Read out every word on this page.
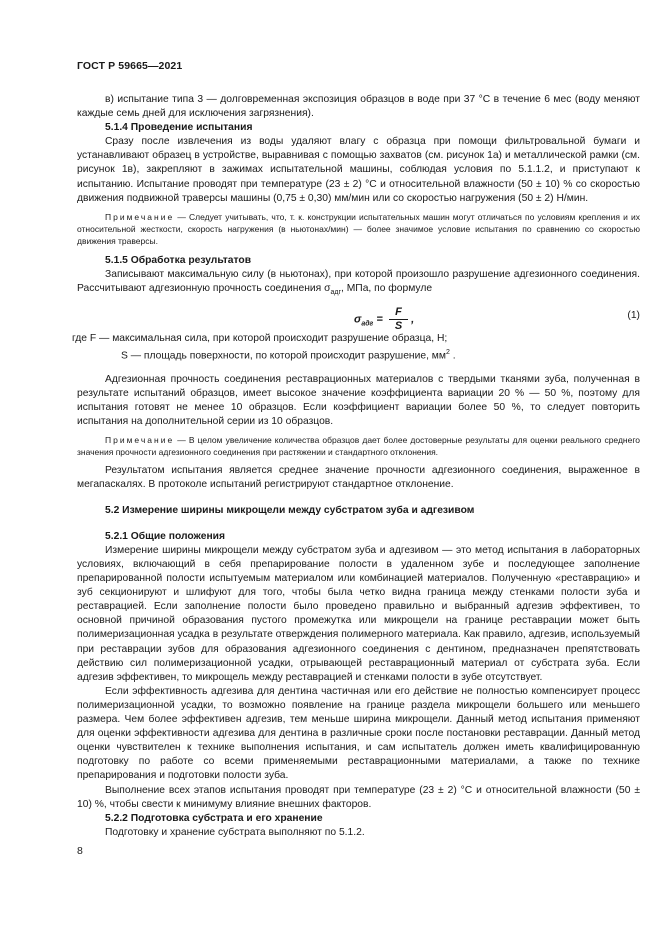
ГОСТ Р 59665—2021

в) испытание типа 3 — долговременная экспозиция образцов в воде при 37 °С в течение 6 мес (воду меняют каждые семь дней для исключения загрязнения).

5.1.4 Проведение испытания

Сразу после извлечения из воды удаляют влагу с образца при помощи фильтровальной бумаги и устанавливают образец в устройстве, выравнивая с помощью захватов (см. рисунок 1а) и металлической рамки (см. рисунок 1в), закрепляют в зажимах испытательной машины, соблюдая условия по 5.1.1.2, и приступают к испытанию. Испытание проводят при температуре (23 ± 2) °С и относительной влажности (50 ± 10) % со скоростью движения подвижной траверсы машины (0,75 ± 0,30) мм/мин или со скоростью нагружения (50 ± 2) Н/мин.

Примечание — Следует учитывать, что, т. к. конструкции испытательных машин могут отличаться по условиям крепления и их относительной жесткости, скорость нагружения (в ньютонах/мин) — более значимое условие испытания по сравнению со скоростью движения траверсы.
5.1.5 Обработка результатов

Записывают максимальную силу (в ньютонах), при которой произошло разрушение адгезионного соединения. Рассчитывают адгезионную прочность соединения $\sigma_{адг}$, МПа, по формуле

$\sigma_{адг} = \frac{F}{S}$ ,	(1)
где F — максимальная сила, при которой происходит разрушение образца, Н;
S — площадь поверхности, по которой происходит разрушение, $мм^2$ .

Адгезионная прочность соединения реставрационных материалов с твердыми тканями зуба, полученная в результате испытаний образцов, имеет высокое значение коэффициента вариации 20 % — 50 %, поэтому для испытания готовят не менее 10 образцов. Если коэффициент вариации более 50 %, то следует повторить испытания на дополнительной серии из 10 образцов.

Примечание — В целом увеличение количества образцов дает более достоверные результаты для оценки реального среднего значения прочности адгезионного соединения при растяжении и стандартного отклонения.

Результатом испытания является среднее значение прочности адгезионного соединения, выраженное в мегапаскалях. В протоколе испытаний регистрируют стандартное отклонение.

5.2 Измерение ширины микрощели между субстратом зуба и адгезивом
5.2.1 Общие положения

Измерение ширины микрощели между субстратом зуба и адгезивом — это метод испытания в лабораторных условиях, включающий в себя препарирование полости в удаленном зубе и последующее заполнение препарированной полости испытуемым материалом или комбинацией материалов. Полученную «реставрацию» и зуб секционируют и шлифуют для того, чтобы была четко видна граница между стенками полости зуба и реставрацией. Если заполнение полости было проведено правильно и выбранный адгезив эффективен, то основной причиной образования пустого промежутка или микрощели на границе реставрации может быть полимеризационная усадка в результате отверждения полимерного материала. Как правило, адгезив, используемый при реставрации зубов для образования адгезионного соединения с дентином, предназначен препятствовать действию сил полимеризационной усадки, отрывающей реставрационный материал от субстрата зуба. Если адгезив эффективен, то микрощель между реставрацией и стенками полости в зубе отсутствует.

Если эффективность адгезива для дентина частичная или его действие не полностью компенсирует процесс полимеризационной усадки, то возможно появление на границе раздела микрощели большего или меньшего размера. Чем более эффективен адгезив, тем меньше ширина микрощели. Данный метод испытания применяют для оценки эффективности адгезива для дентина в различные сроки после постановки реставрации. Данный метод оценки чувствителен к технике выполнения испытания, и сам испытатель должен иметь квалифицированную подготовку по работе со всеми применяемыми реставрационными материалами, а также по технике препарирования и подготовки полости зуба.

Выполнение всех этапов испытания проводят при температуре (23 ± 2) °С и относительной влажности (50 ± 10) %, чтобы свести к минимуму влияние внешних факторов.

5.2.2 Подготовка субстрата и его хранение

Подготовку и хранение субстрата выполняют по 5.1.2.

8
